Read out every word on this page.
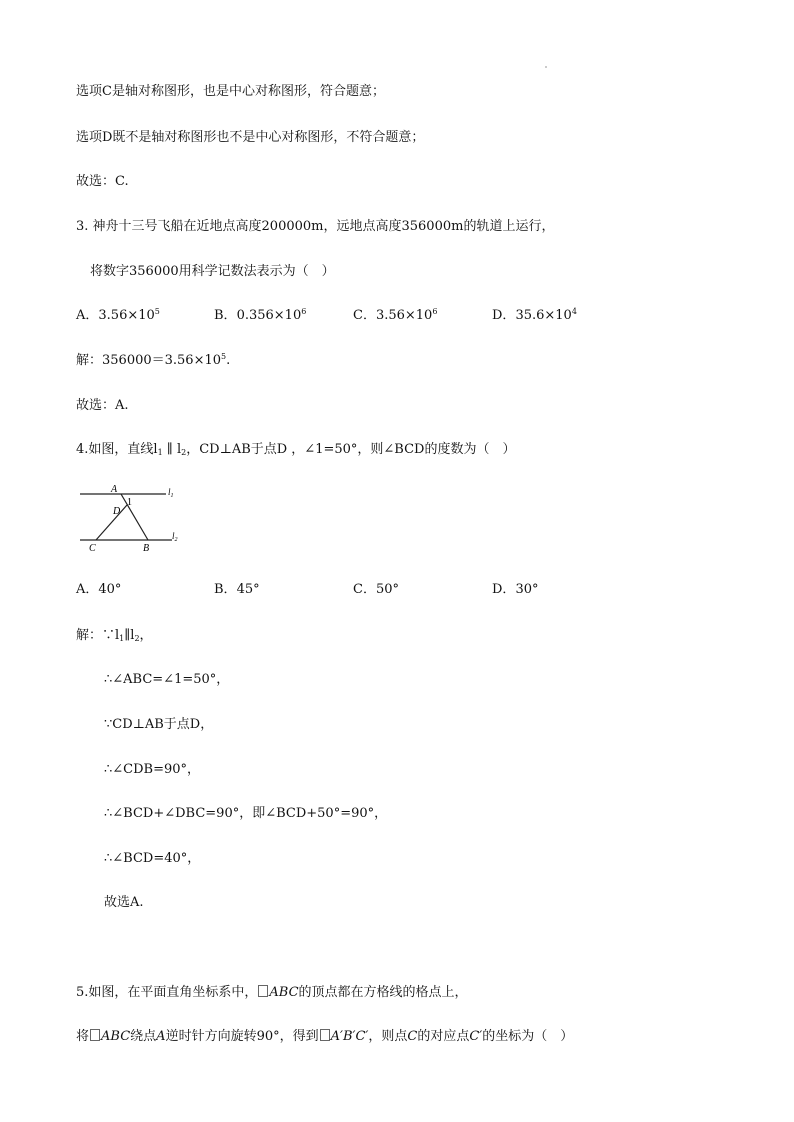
选项C是轴对称图形，也是中心对称图形，符合题意；
选项D既不是轴对称图形也不是中心对称图形，不符合题意；
故选：C.
3. 神舟十三号飞船在近地点高度200000m，远地点高度356000m的轨道上运行，
将数字356000用科学记数法表示为（　）
A．$3.56\times 10^5$	B．$0.356\times 10^6$	C．$3.56\times 10^6$	D．$35.6\times 10^4$
解：$356000=3.56\times 10^5$.
故选：A.
4.如图，直线$l_1$ ∥ $l_2$，CD⊥AB于点D ，∠1=50°，则∠BCD的度数为（　）
A
1
D
C	B
$l_1$
$l_2$
A．40°	B．45°	C．50°	D．30°
解：$\because l_1\parallel l_2$，
∴∠ABC=∠1=50°，
∵CD⊥AB于点D，
∴∠CDB=90°，
∴∠BCD+∠DBC=90°，即∠BCD+50°=90°，
∴∠BCD=40°，
故选A.
5.如图，在平面直角坐标系中， ABC的顶点都在方格线的格点上，
将 ABC绕点A逆时针方向旋转90°，得到 A′B′C′，则点C的对应点C′的坐标为（　）
